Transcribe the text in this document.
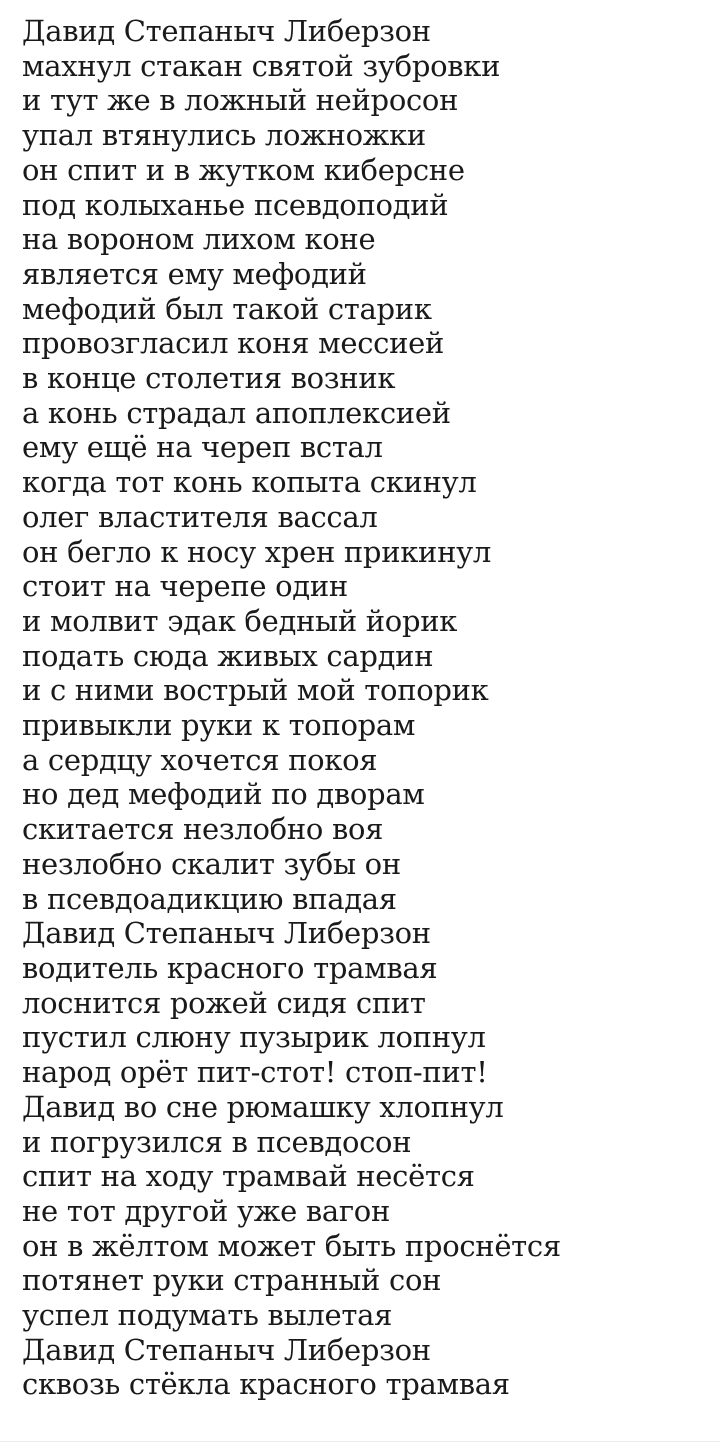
Давид Степаныч Либерзон
махнул стакан святой зубровки
и тут же в ложный нейросон
упал втянулись ложножки
он спит и в жутком киберсне
под колыханье псевдоподий
на вороном лихом коне
является ему мефодий
мефодий был такой старик
провозгласил коня мессией
в конце столетия возник
а конь страдал апоплексией
ему ещё на череп встал
когда тот конь копыта скинул
олег властителя вассал
он бегло к носу хрен прикинул
стоит на черепе один
и молвит эдак бедный йорик
подать сюда живых сардин
и с ними вострый мой топорик
привыкли руки к топорам
а сердцу хочется покоя
но дед мефодий по дворам
скитается незлобно воя
незлобно скалит зубы он
в псевдоадикцию впадая
Давид Степаныч Либерзон
водитель красного трамвая
лоснится рожей сидя спит
пустил слюну пузырик лопнул
народ орёт пит-стот! стоп-пит!
Давид во сне рюмашку хлопнул
и погрузился в псевдосон
спит на ходу трамвай несётся
не тот другой уже вагон
он в жёлтом может быть проснётся
потянет руки странный сон
успел подумать вылетая
Давид Степаныч Либерзон
сквозь стёкла красного трамвая
